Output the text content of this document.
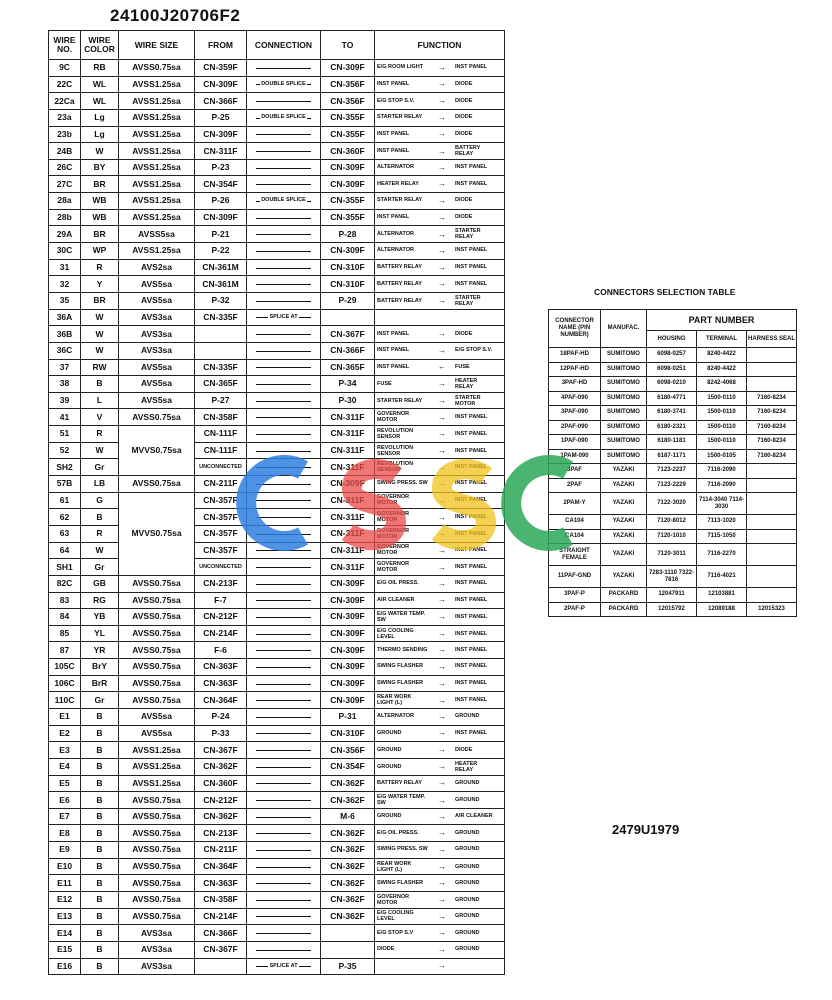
24100J20706F2
WIRE NO.	WIRE COLOR	WIRE SIZE	FROM	CONNECTION	TO	FUNCTION
9C	RB	AVSS0.75sa	CN-359F		CN-309F	E/G ROOM LIGHT → INST PANEL
22C	WL	AVSS1.25sa	CN-309F	DOUBLE SPLICE	CN-356F	INST PANEL → DIODE
22Ca	WL	AVSS1.25sa	CN-366F		CN-356F	E/G STOP S.V. → DIODE
23a	Lg	AVSS1.25sa	P-25	DOUBLE SPLICE	CN-355F	STARTER RELAY → DIODE
23b	Lg	AVSS1.25sa	CN-309F		CN-355F	INST PANEL → DIODE
24B	W	AVSS1.25sa	CN-311F		CN-360F	INST PANEL → BATTERY RELAY
26C	BY	AVSS1.25sa	P-23		CN-309F	ALTERNATOR → INST PANEL
27C	BR	AVSS1.25sa	CN-354F		CN-309F	HEATER RELAY → INST PANEL
28a	WB	AVSS1.25sa	P-26	DOUBLE SPLICE	CN-355F	STARTER RELAY → DIODE
28b	WB	AVSS1.25sa	CN-309F		CN-355F	INST PANEL → DIODE
29A	BR	AVSS5sa	P-21		P-28	ALTERNATOR → STARTER RELAY
30C	WP	AVSS1.25sa	P-22		CN-309F	ALTERNATOR → INST PANEL
31	R	AVS2sa	CN-361M		CN-310F	BATTERY RELAY → INST PANEL
32	Y	AVS5sa	CN-361M		CN-310F	BATTERY RELAY → INST PANEL
35	BR	AVS5sa	P-32		P-29	BATTERY RELAY → STARTER RELAY
36A	W	AVS3sa	CN-335F	SPLICE AT		
36B	W	AVS3sa			CN-367F	INST PANEL → DIODE
36C	W	AVS3sa			CN-366F	INST PANEL → E/G STOP S.V.
37	RW	AVS5sa	CN-335F		CN-365F	INST PANEL ← FUSE
38	B	AVS5sa	CN-365F		P-34	FUSE → HEATER RELAY
39	L	AVS5sa	P-27		P-30	STARTER RELAY → STARTER MOTOR
41	V	AVSS0.75sa	CN-358F		CN-311F	GOVERNOR MOTOR → INST PANEL
51	R	MVVS0.75sa	CN-111F		CN-311F	REVOLUTION SENSOR → INST PANEL
52	W		CN-111F		CN-311F	REVOLUTION SENSOR → INST PANEL
SH2	Gr		UNCONNECTED		CN-311F	REVOLUTION SENSOR → INST PANEL
57B	LB	AVSS0.75sa	CN-211F		CN-309F	SWING PRESS. SW → INST PANEL
61	G	MVVS0.75sa	CN-357F		CN-311F	GOVERNOR MOTOR → INST PANEL
62	B		CN-357F		CN-311F	GOVERNOR MOTOR → INST PANEL
63	R		CN-357F		CN-311F	GOVERNOR MOTOR → INST PANEL
64	W		CN-357F		CN-311F	GOVERNOR MOTOR → INST PANEL
SH1	Gr		UNCONNECTED		CN-311F	GOVERNOR MOTOR → INST PANEL
82C	GB	AVSS0.75sa	CN-213F		CN-309F	E/G OIL PRESS. → INST PANEL
83	RG	AVSS0.75sa	F-7		CN-309F	AIR CLEANER → INST PANEL
84	YB	AVSS0.75sa	CN-212F		CN-309F	E/G WATER TEMP. SW → INST PANEL
85	YL	AVSS0.75sa	CN-214F		CN-309F	E/G COOLING LEVEL → INST PANEL
87	YR	AVSS0.75sa	F-6		CN-309F	THERMO SENDING → INST PANEL
105C	BrY	AVSS0.75sa	CN-363F		CN-309F	SWING FLASHER → INST PANEL
106C	BrR	AVSS0.75sa	CN-363F		CN-309F	SWING FLASHER → INST PANEL
110C	Gr	AVSS0.75sa	CN-364F		CN-309F	REAR WORK LIGHT (L) → INST PANEL
E1	B	AVS5sa	P-24		P-31	ALTERNATOR → GROUND
E2	B	AVS5sa	P-33		CN-310F	GROUND → INST PANEL
E3	B	AVSS1.25sa	CN-367F		CN-356F	GROUND → DIODE
E4	B	AVSS1.25sa	CN-362F		CN-354F	GROUND → HEATER RELAY
E5	B	AVSS1.25sa	CN-360F		CN-362F	BATTERY RELAY → GROUND
E6	B	AVSS0.75sa	CN-212F		CN-362F	E/G WATER TEMP. SW → GROUND
E7	B	AVSS0.75sa	CN-362F		M-6	GROUND → AIR CLEANER
E8	B	AVSS0.75sa	CN-213F		CN-362F	E/G OIL PRESS. → GROUND
E9	B	AVSS0.75sa	CN-211F		CN-362F	SWING PRESS. SW → GROUND
E10	B	AVSS0.75sa	CN-364F		CN-362F	REAR WORK LIGHT (L) → GROUND
E11	B	AVSS0.75sa	CN-363F		CN-362F	SWING FLASHER → GROUND
E12	B	AVSS0.75sa	CN-358F		CN-362F	GOVERNOR MOTOR → GROUND
E13	B	AVSS0.75sa	CN-214F		CN-362F	E/G COOLING LEVEL → GROUND
E14	B	AVS3sa	CN-366F			E/G STOP S.V → GROUND
E15	B	AVS3sa	CN-367F			DIODE → GROUND
E16	B	AVS3sa		SPLICE AT	P-35	→
CONNECTORS SELECTION TABLE
CONNECTOR NAME (PIN NUMBER)	MANUFAC.	PART NUMBER		
		HOUSING	TERMINAL	HARNESS SEAL
18PAF-HD	SUMITOMO	6098-0257	8240-4422	
12PAF-HD	SUMITOMO	6098-0251	8240-4422	
3PAF-HD	SUMITOMO	6098-0210	8242-4068	
4PAF-090	SUMITOMO	6180-4771	1500-0110	7160-8234
3PAF-090	SUMITOMO	6180-3741	1500-0110	7160-8234
2PAF-090	SUMITOMO	6180-2321	1500-0110	7160-8234
1PAF-090	SUMITOMO	6180-1181	1500-0110	7160-8234
1PAM-090	SUMITOMO	6187-1171	1500-0105	7160-8234
3PAF	YAZAKI	7123-2237	7116-2090	
2PAF	YAZAKI	7123-2229	7116-2090	
2PAM-Y	YAZAKI	7122-3020	7114-3040 7114-3030	
CA104	YAZAKI	7120-8012	7113-1020	
CA104	YAZAKI	7120-1010	7115-1050	
STRAIGHT FEMALE	YAZAKI	7120-3011	7116-2270	
11PAF-GND	YAZAKI	7283-1110 7322-7816	7116-4021	
3PAF-P	PACKARD	12047911	12103881	
2PAF-P	PACKARD	12015792	12089188	12015323
2479U1979
